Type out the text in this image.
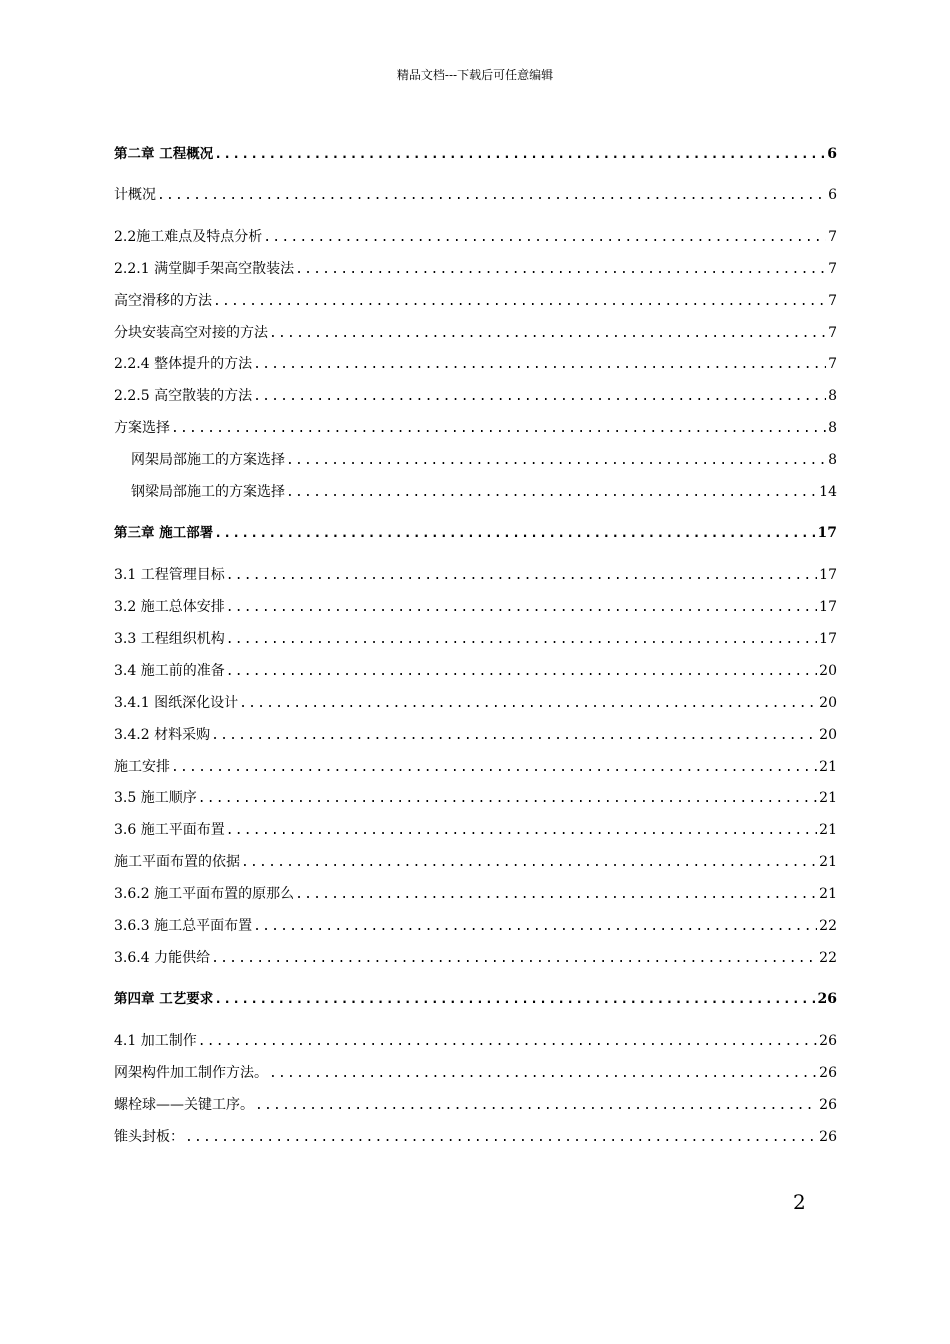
精品文档---下载后可任意编辑
第二章 工程概况 .....	6
计概况 .....	6
2.2施工难点及特点分析 .....	7
2.2.1 满堂脚手架高空散装法 .....	7
高空滑移的方法 .....	7
分块安装高空对接的方法 .....	7
2.2.4 整体提升的方法 .....	7
2.2.5 高空散装的方法 .....	8
方案选择 .....	8
网架局部施工的方案选择 .....	8
钢梁局部施工的方案选择 .....	14
第三章 施工部署 .....	17
3.1 工程管理目标 .....	17
3.2 施工总体安排 .....	17
3.3 工程组织机构 .....	17
3.4 施工前的准备 .....	20
3.4.1 图纸深化设计 .....	20
3.4.2 材料采购 .....	20
施工安排 .....	21
3.5 施工顺序 .....	21
3.6 施工平面布置 .....	21
施工平面布置的依据 .....	21
3.6.2 施工平面布置的原那么 .....	21
3.6.3 施工总平面布置 .....	22
3.6.4 力能供给 .....	22
第四章 工艺要求 .....	26
4.1 加工制作 .....	26
网架构件加工制作方法。 .....	26
螺栓球——关键工序。 .....	26
锥头封板： .....	26
2
